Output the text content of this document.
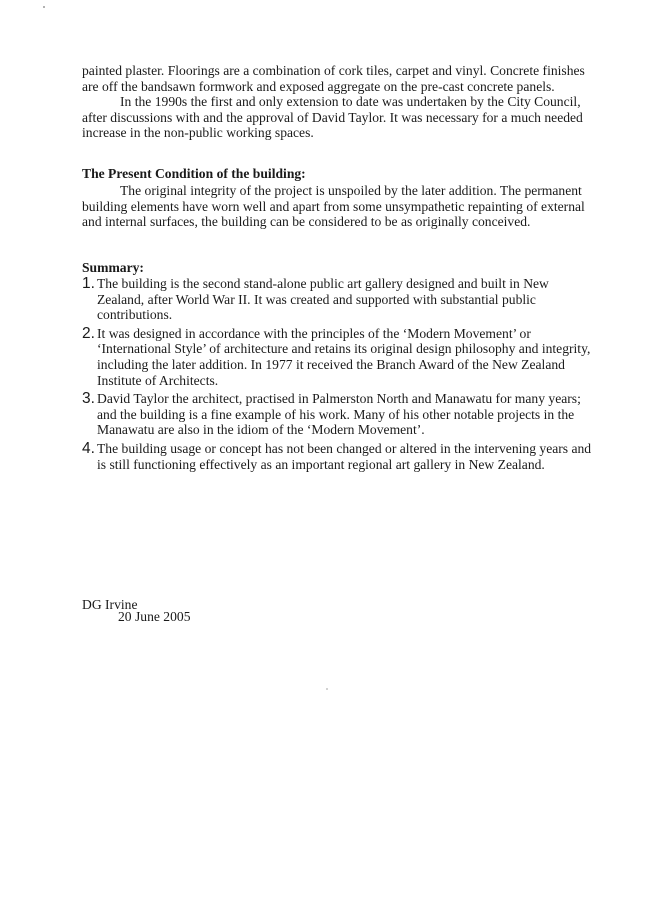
painted plaster. Floorings are a combination of cork tiles, carpet and vinyl. Concrete finishes
are off the bandsawn formwork and exposed aggregate on the pre-cast concrete panels.
In the 1990s the first and only extension to date was undertaken by the City Council,
after discussions with and the approval of David Taylor. It was necessary for a much needed
increase in the non-public working spaces.
The Present Condition of the building:
The original integrity of the project is unspoiled by the later addition. The permanent
building elements have worn well and apart from some unsympathetic repainting of external
and internal surfaces, the building can be considered to be as originally conceived.
Summary:
1. The building is the second stand-alone public art gallery designed and built in New
Zealand, after World War II. It was created and supported with substantial public
contributions.
2. It was designed in accordance with the principles of the ‘Modern Movement’ or
‘International Style’ of architecture and retains its original design philosophy and integrity,
including the later addition. In 1977 it received the Branch Award of the New Zealand
Institute of Architects.
3. David Taylor the architect, practised in Palmerston North and Manawatu for many years;
and the building is a fine example of his work. Many of his other notable projects in the
Manawatu are also in the idiom of the ‘Modern Movement’.
4. The building usage or concept has not been changed or altered in the intervening years and
is still functioning effectively as an important regional art gallery in New Zealand.

DG Irvine

20 June 2005
